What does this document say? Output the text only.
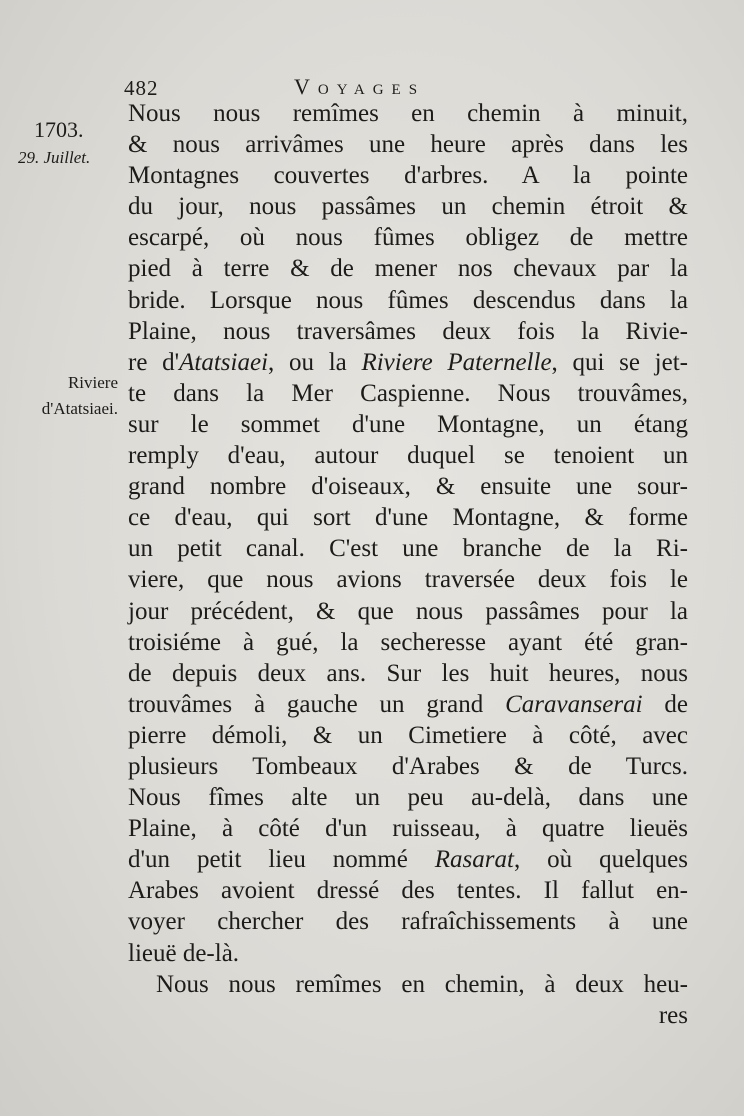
482	Voyages
1703.
29. Juillet.
Riviere
d'Atatsiaei.
Nous nous remîmes en chemin à minuit,
& nous arrivâmes une heure après dans les
Montagnes couvertes d'arbres. A la pointe
du jour, nous passâmes un chemin étroit &
escarpé, où nous fûmes obligez de mettre
pied à terre & de mener nos chevaux par la
bride. Lorsque nous fûmes descendus dans la
Plaine, nous traversâmes deux fois la Rivie-
re d'Atatsiaei, ou la Riviere Paternelle, qui se jet-
te dans la Mer Caspienne. Nous trouvâmes,
sur le sommet d'une Montagne, un étang
remply d'eau, autour duquel se tenoient un
grand nombre d'oiseaux, & ensuite une sour-
ce d'eau, qui sort d'une Montagne, & forme
un petit canal. C'est une branche de la Ri-
viere, que nous avions traversée deux fois le
jour précédent, & que nous passâmes pour la
troisiéme à gué, la secheresse ayant été gran-
de depuis deux ans. Sur les huit heures, nous
trouvâmes à gauche un grand Caravanserai de
pierre démoli, & un Cimetiere à côté, avec
plusieurs Tombeaux d'Arabes & de Turcs.
Nous fîmes alte un peu au-delà, dans une
Plaine, à côté d'un ruisseau, à quatre lieuës
d'un petit lieu nommé Rasarat, où quelques
Arabes avoient dressé des tentes. Il fallut en-
voyer chercher des rafraîchissements à une
lieuë de-là.
Nous nous remîmes en chemin, à deux heu-
res
